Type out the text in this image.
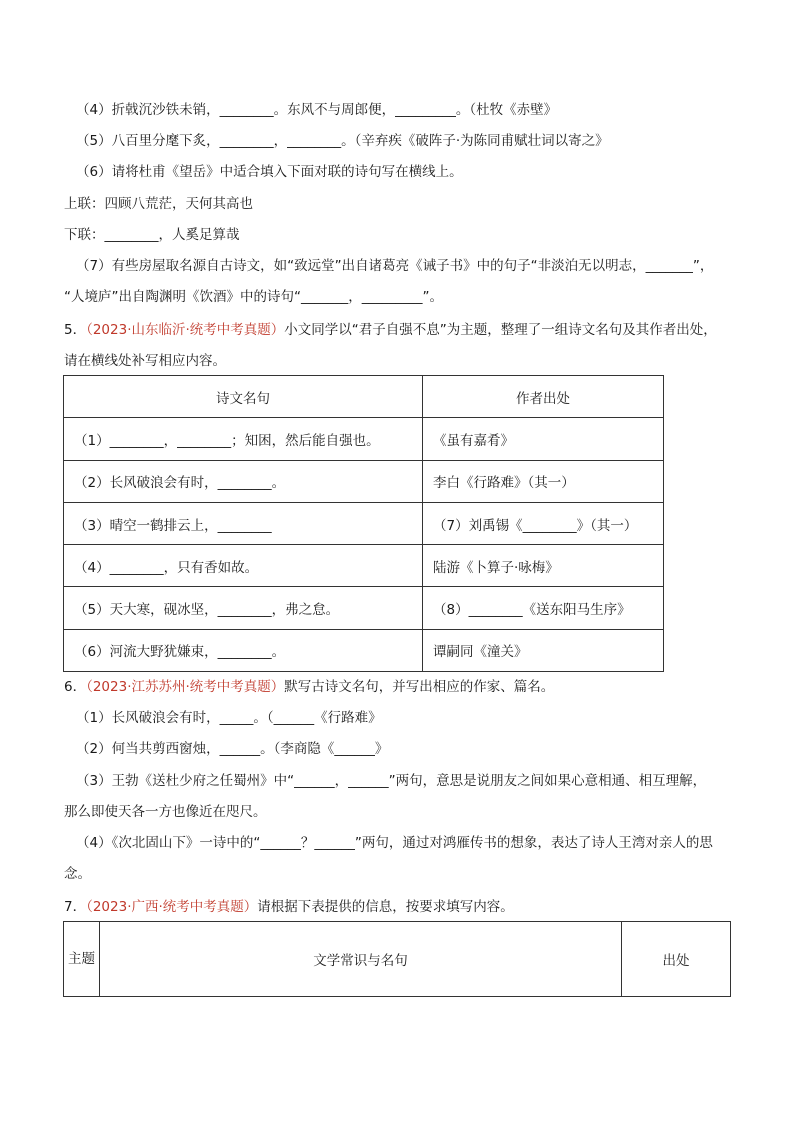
（4）折戟沉沙铁未销，________。东风不与周郎便，_________。（杜牧《赤壁》
（5）八百里分麾下炙，________，________。（辛弃疾《破阵子·为陈同甫赋壮词以寄之》
（6）请将杜甫《望岳》中适合填入下面对联的诗句写在横线上。
上联：四顾八荒茫，天何其高也
下联：________，人奚足算哉
（7）有些房屋取名源自古诗文，如“致远堂”出自诸葛亮《诫子书》中的句子“非淡泊无以明志，_______”，
“人境庐”出自陶渊明《饮酒》中的诗句“_______，_________”。
5．（2023·山东临沂·统考中考真题）小文同学以“君子自强不息”为主题，整理了一组诗文名句及其作者出处，
请在横线处补写相应内容。
诗文名句	作者出处
（1）________，________；知困，然后能自强也。	《虽有嘉肴》
（2）长风破浪会有时，________。	李白《行路难》（其一）
（3）晴空一鹤排云上，________	（7）刘禹锡《________》（其一）
（4）________，只有香如故。	陆游《卜算子·咏梅》
（5）天大寒，砚冰坚，________，弗之怠。	（8）________《送东阳马生序》
（6）河流大野犹嫌束，________。	谭嗣同《潼关》
6．（2023·江苏苏州·统考中考真题）默写古诗文名句，并写出相应的作家、篇名。
（1）长风破浪会有时，_____。（______《行路难》
（2）何当共剪西窗烛，______。（李商隐《______》
（3）王勃《送杜少府之任蜀州》中“______，______”两句，意思是说朋友之间如果心意相通、相互理解，
那么即使天各一方也像近在咫尺。
（4）《次北固山下》一诗中的“______？______”两句，通过对鸿雁传书的想象，表达了诗人王湾对亲人的思
念。
7．（2023·广西·统考中考真题）请根据下表提供的信息，按要求填写内容。
主题	文学常识与名句	出处
